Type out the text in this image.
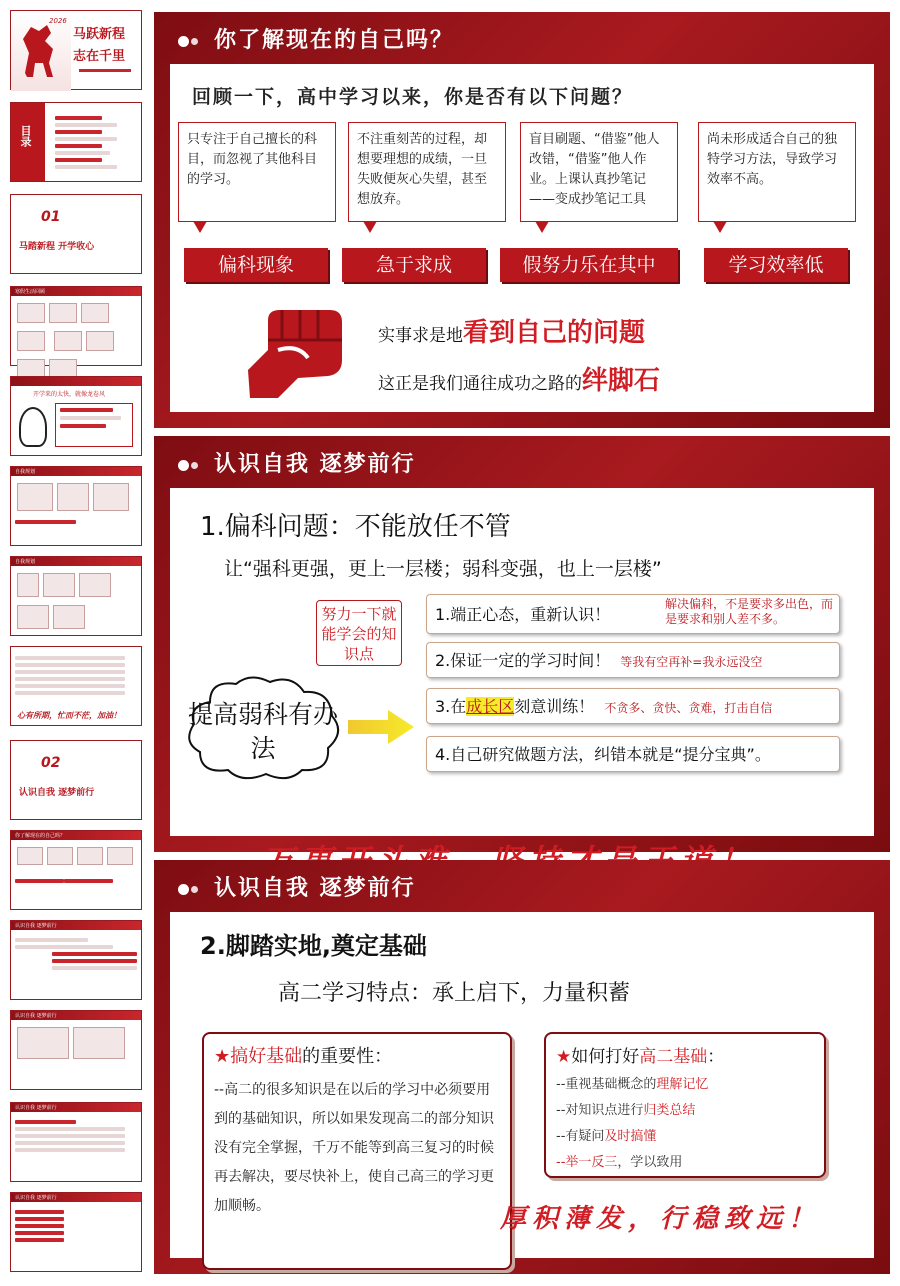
马跃新程
志在千里
2026
目录
01
马踏新程 开学收心
寒假生活回顾

开学来的太快，就像龙卷风
自我规划
自我规划

心有所期，忙而不茫，加油！
02
认识自我 逐梦前行
你了解现在的自己吗？

认识自我 逐梦前行
认识自我 逐梦前行
认识自我 逐梦前行
认识自我 逐梦前行
你了解现在的自己吗？
回顾一下，高中学习以来，你是否有以下问题？
只专注于自己擅长的科目，而忽视了其他科目的学习。
不注重刻苦的过程，却想要理想的成绩，一旦失败便灰心失望，甚至想放弃。
盲目刷题、“借鉴”他人改错，“借鉴”他人作业。上课认真抄笔记——变成抄笔记工具
尚未形成适合自己的独特学习方法，导致学习效率不高。
偏科现象	急于求成	假努力乐在其中	学习效率低
实事求是地看到自己的问题
这正是我们通往成功之路的绊脚石
认识自我 逐梦前行
1.偏科问题：不能放任不管
让“强科更强，更上一层楼；弱科变强，也上一层楼”
努力一下就能学会的知识点
提高弱科有办法
1.端正心态，重新认识！
解决偏科，不是要求多出色，而是要求和别人差不多。
2.保证一定的学习时间！ 等我有空再补=我永远没空
3.在成长区刻意训练！ 不贪多、贪快、贪难，打击自信
4.自己研究做题方法，纠错本就是“提分宝典”。
认识自我 逐梦前行
2.脚踏实地,奠定基础
高二学习特点：承上启下，力量积蓄
★搞好基础的重要性：
--高二的很多知识是在以后的学习中必须要用到的基础知识，所以如果发现高二的部分知识没有完全掌握，千万不能等到高三复习的时候再去解决，要尽快补上，使自己高三的学习更加顺畅。
★如何打好高二基础：
--重视基础概念的理解记忆
--对知识点进行归类总结
--有疑问及时搞懂
--举一反三，学以致用
厚积薄发，行稳致远！
